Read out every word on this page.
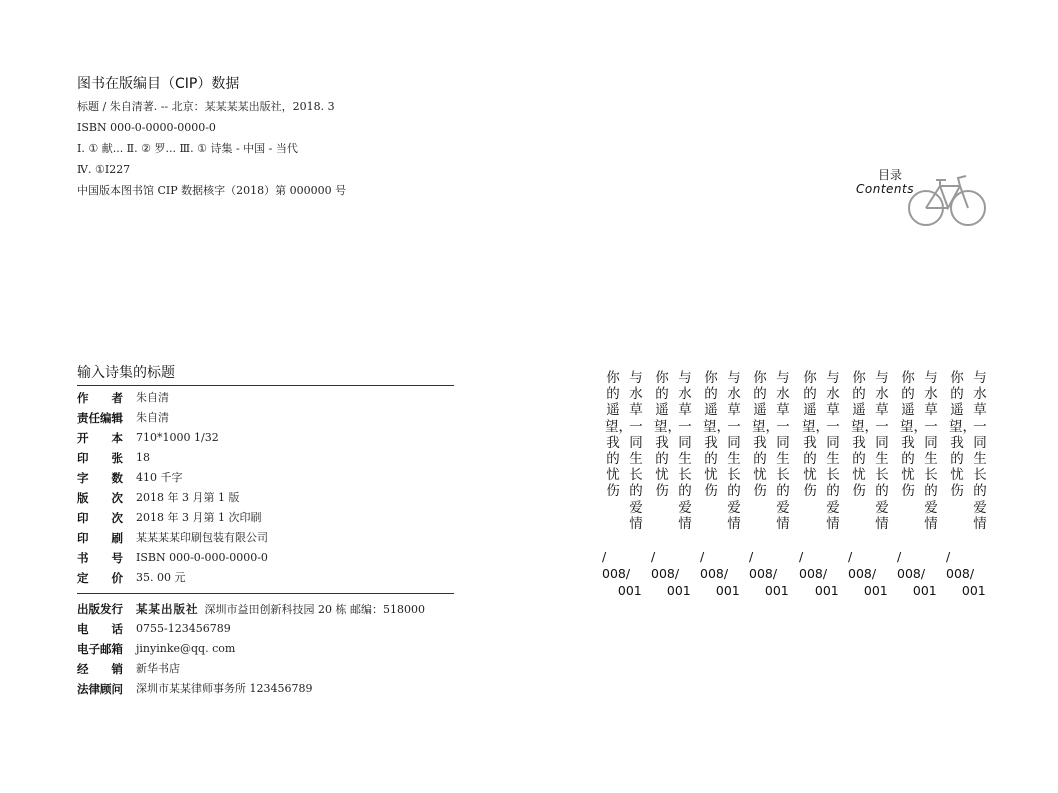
图书在版编目（CIP）数据
标题 / 朱自清著. -- 北京：某某某某出版社，2018. 3
ISBN 000-0-0000-0000-0
Ⅰ. ① 献... Ⅱ. ② 罗... Ⅲ. ① 诗集 - 中国 - 当代
Ⅳ. ①I227
中国版本图书馆 CIP 数据核字（2018）第 000000 号
目录
Contents
输入诗集的标题
作者 朱自清
责任编辑 朱自清
开本 710*1000 1/32
印张 18
字数 410 千字
版次 2018 年 3 月第 1 版
印次 2018 年 3 月第 1 次印刷
印刷 某某某某印刷包装有限公司
书号 ISBN 000-0-000-0000-0
定价 35. 00 元
出版发行 某某出版社 深圳市益田创新科技园 20 栋 邮编：518000
电话 0755-123456789
电子邮箱 jinyinke@qq. com
经销 新华书店
法律顾问 深圳市某某律师事务所 123456789
你的遥望，我的忧伤
与水草一同生长的爱情
/
008/
001
你的遥望，我的忧伤
与水草一同生长的爱情
/
008/
001
你的遥望，我的忧伤
与水草一同生长的爱情
/
008/
001
你的遥望，我的忧伤
与水草一同生长的爱情
/
008/
001
你的遥望，我的忧伤
与水草一同生长的爱情
/
008/
001
你的遥望，我的忧伤
与水草一同生长的爱情
/
008/
001
你的遥望，我的忧伤
与水草一同生长的爱情
/
008/
001
你的遥望，我的忧伤
与水草一同生长的爱情
/
008/
001
